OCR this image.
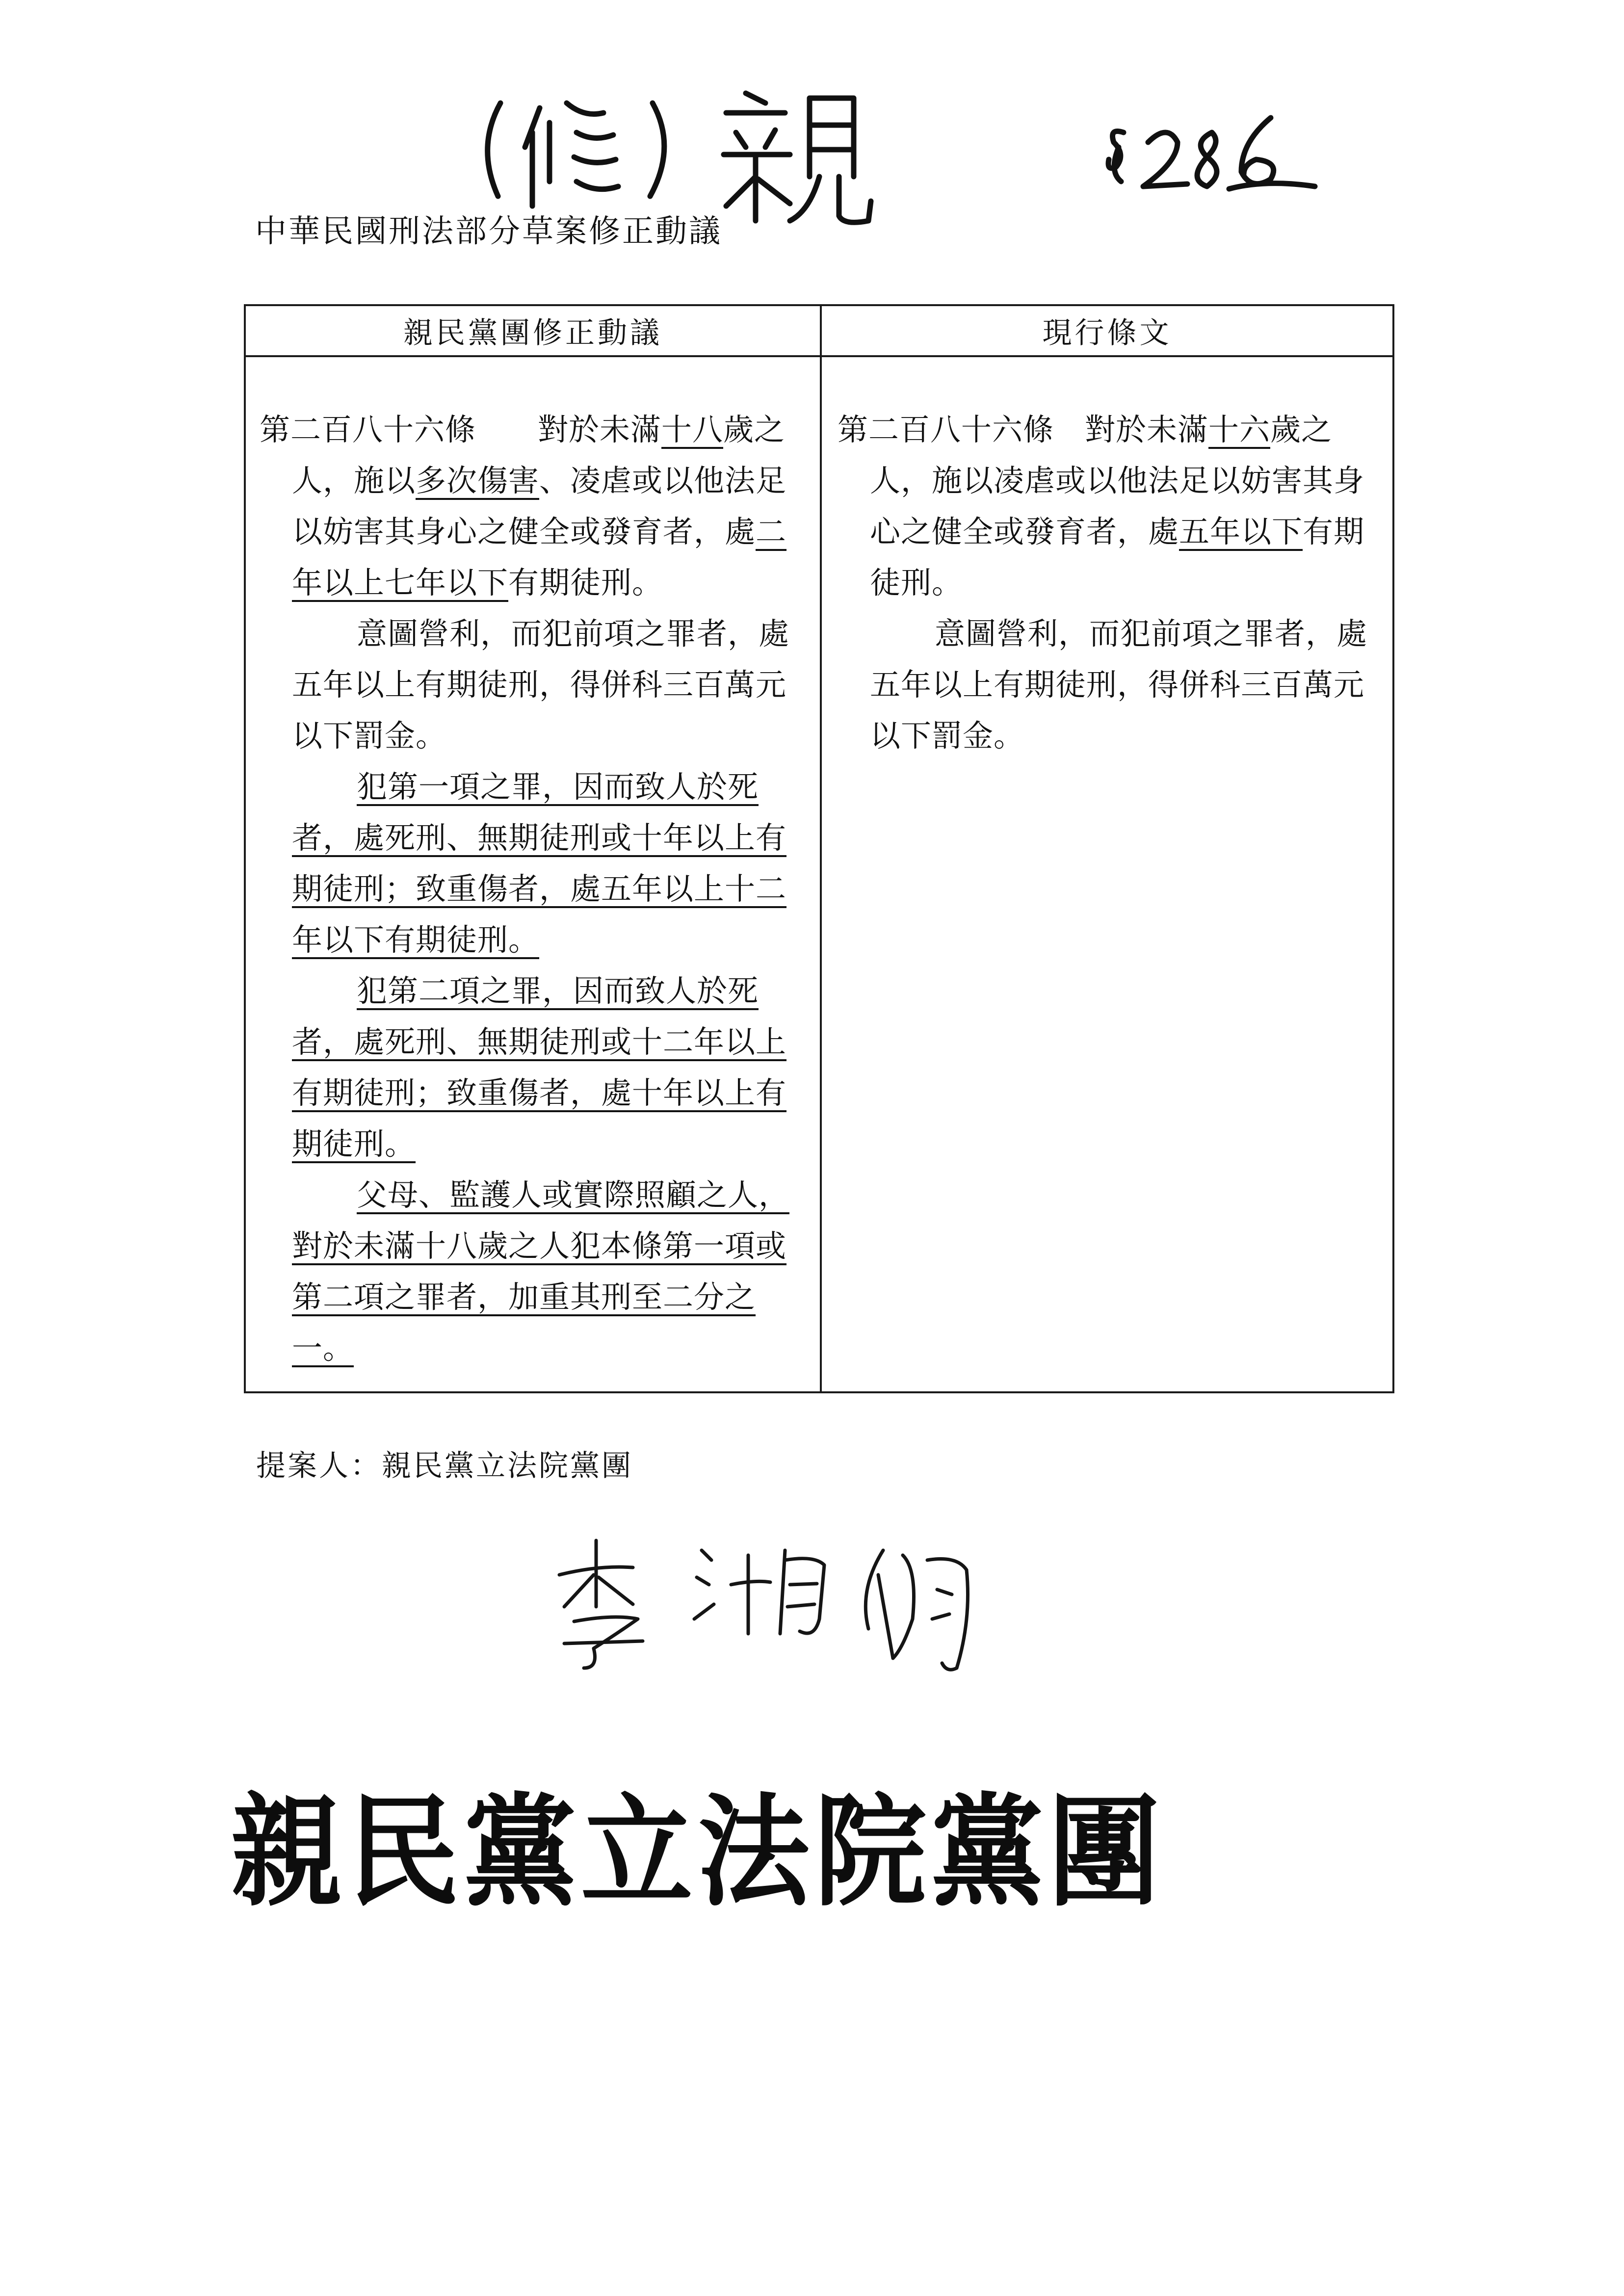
中華民國刑法部分草案修正動議
親民黨團修正動議	現行條文

第二百八十六條　　對於未滿十八歲之人，施以多次傷害、凌虐或以他法足以妨害其身心之健全或發育者，處二年以上七年以下有期徒刑。

意圖營利，而犯前項之罪者，處五年以上有期徒刑，得併科三百萬元以下罰金。

犯第一項之罪，因而致人於死者，處死刑、無期徒刑或十年以上有期徒刑；致重傷者，處五年以上十二年以下有期徒刑。

犯第二項之罪，因而致人於死者，處死刑、無期徒刑或十二年以上有期徒刑；致重傷者，處十年以上有期徒刑。

父母、監護人或實際照顧之人，對於未滿十八歲之人犯本條第一項或第二項之罪者，加重其刑至二分之一。

第二百八十六條　對於未滿十六歲之人，施以凌虐或以他法足以妨害其身心之健全或發育者，處五年以下有期徒刑。

意圖營利，而犯前項之罪者，處五年以上有期徒刑，得併科三百萬元以下罰金。

提案人：親民黨立法院黨團
親民黨立法院黨團
